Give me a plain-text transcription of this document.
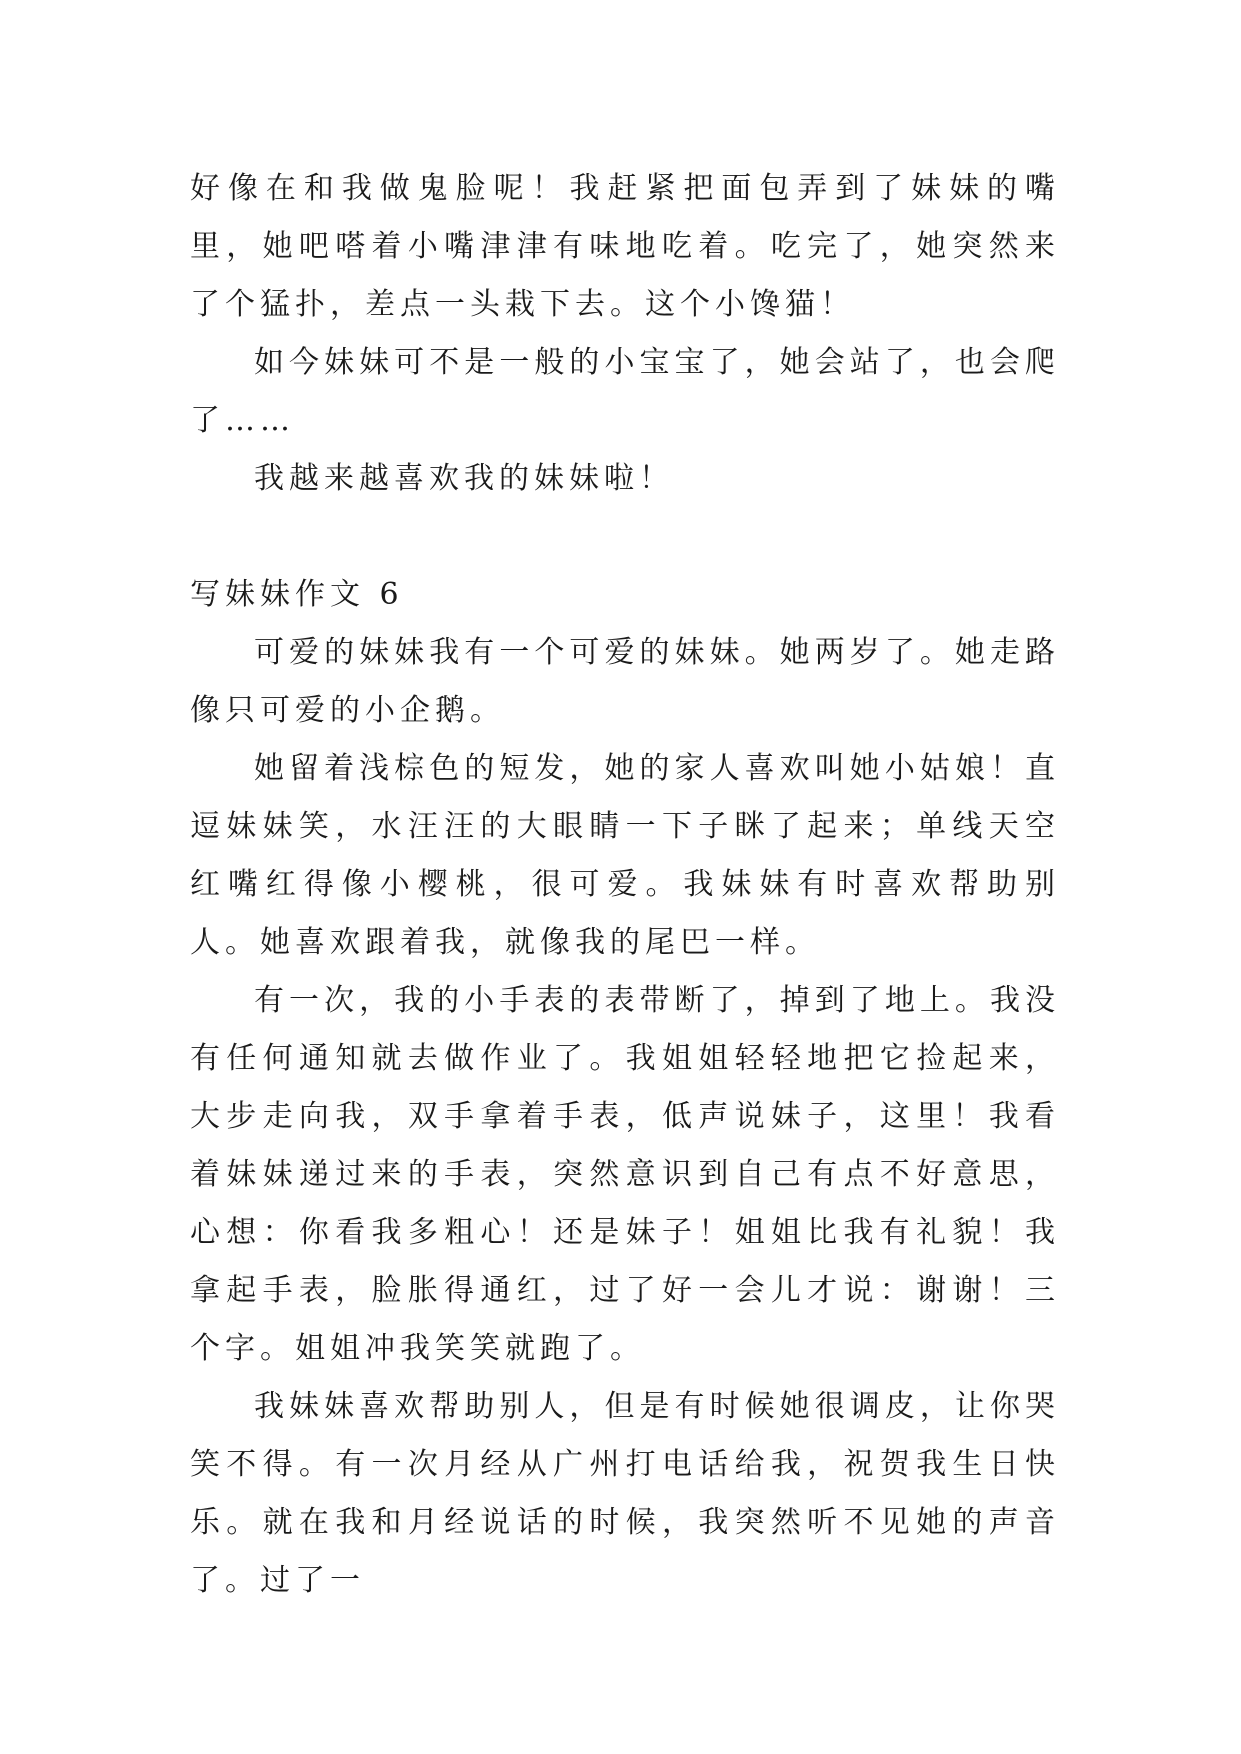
好像在和我做鬼脸呢！我赶紧把面包弄到了妹妹的嘴里，她吧嗒着小嘴津津有味地吃着。吃完了，她突然来了个猛扑，差点一头栽下去。这个小馋猫！

如今妹妹可不是一般的小宝宝了，她会站了，也会爬了……

我越来越喜欢我的妹妹啦！

写妹妹作文 6

可爱的妹妹我有一个可爱的妹妹。她两岁了。她走路像只可爱的小企鹅。

她留着浅棕色的短发，她的家人喜欢叫她小姑娘！直逗妹妹笑，水汪汪的大眼睛一下子眯了起来；单线天空红嘴红得像小樱桃，很可爱。我妹妹有时喜欢帮助别人。她喜欢跟着我，就像我的尾巴一样。

有一次，我的小手表的表带断了，掉到了地上。我没有任何通知就去做作业了。我姐姐轻轻地把它捡起来，大步走向我，双手拿着手表，低声说妹子，这里！我看着妹妹递过来的手表，突然意识到自己有点不好意思，心想：你看我多粗心！还是妹子！姐姐比我有礼貌！我拿起手表，脸胀得通红，过了好一会儿才说：谢谢！三个字。姐姐冲我笑笑就跑了。

我妹妹喜欢帮助别人，但是有时候她很调皮，让你哭笑不得。有一次月经从广州打电话给我，祝贺我生日快乐。就在我和月经说话的时候，我突然听不见她的声音了。过了一
